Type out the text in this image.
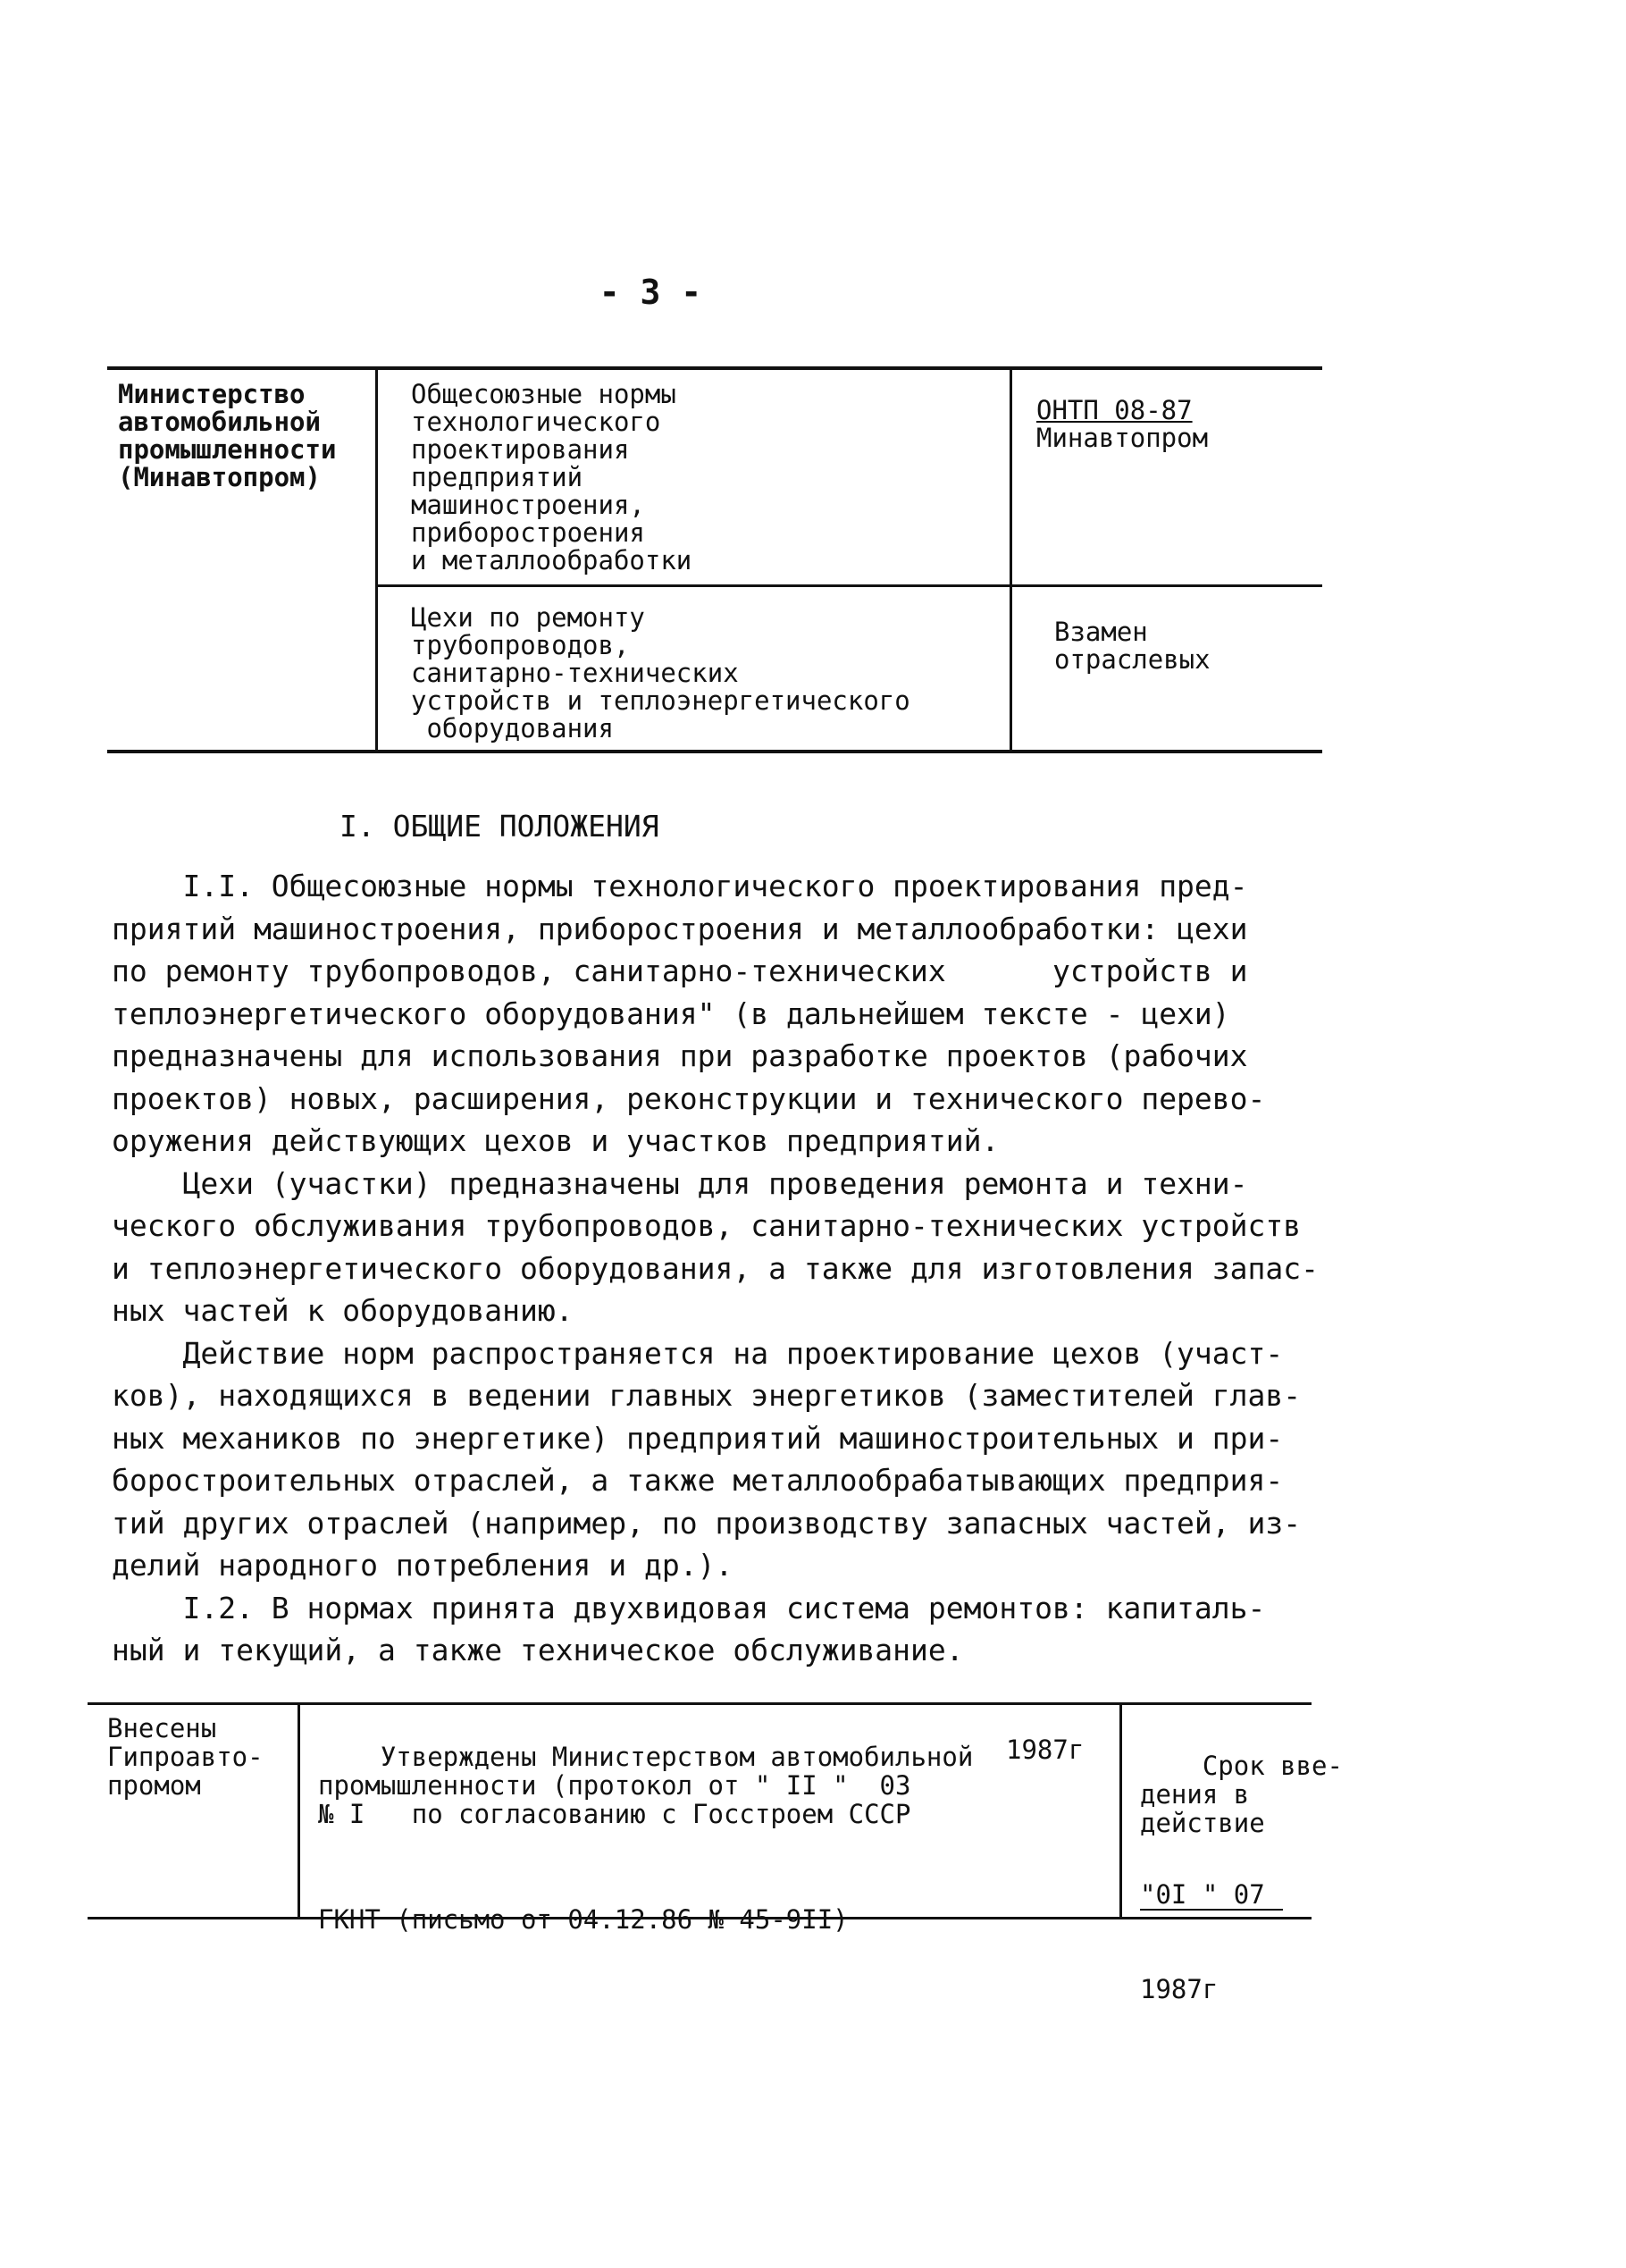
- 3 -
Министерство
автомобильной
промышленности
(Минавтопром)
Общесоюзные нормы
технологического
проектирования
предприятий
машиностроения,
приборостроения
и металлообработки
ОНТП 08-87
Минавтопром
Цехи по ремонту
трубопроводов,
санитарно-технических
устройств и теплоэнергетического
оборудования
Взамен
отраслевых
I. ОБЩИЕ ПОЛОЖЕНИЯ

I.I. Общесоюзные нормы технологического проектирования пред-
приятий машиностроения, приборостроения и металлообработки: цехи
по ремонту трубопроводов, санитарно-технических      устройств и
теплоэнергетического оборудования" (в дальнейшем тексте - цехи)
предназначены для использования при разработке проектов (рабочих
проектов) новых, расширения, реконструкции и технического перево-
оружения действующих цехов и участков предприятий.

Цехи (участки) предназначены для проведения ремонта и техни-
ческого обслуживания трубопроводов, санитарно-технических устройств
и теплоэнергетического оборудования, а также для изготовления запас-
ных частей к оборудованию.

Действие норм распространяется на проектирование цехов (участ-
ков), находящихся в ведении главных энергетиков (заместителей глав-
ных механиков по энергетике) предприятий машиностроительных и при-
боростроительных отраслей, а также металлообрабатывающих предприя-
тий других отраслей (например, по производству запасных частей, из-
делий народного потребления и др.).

I.2. В нормах принята двухвидовая система ремонтов: капиталь-
ный и текущий, а также техническое обслуживание.

Внесены
Гипроавто-
промом

Утверждены Министерством автомобильной
промышленности (протокол от " II "  03
№ I   по согласованию с Госстроем СССР

1987г

ГКНТ (письмо от 04.12.86 № 45-9II)

Срок вве-
дения в
действие

"0I " 07

1987г
